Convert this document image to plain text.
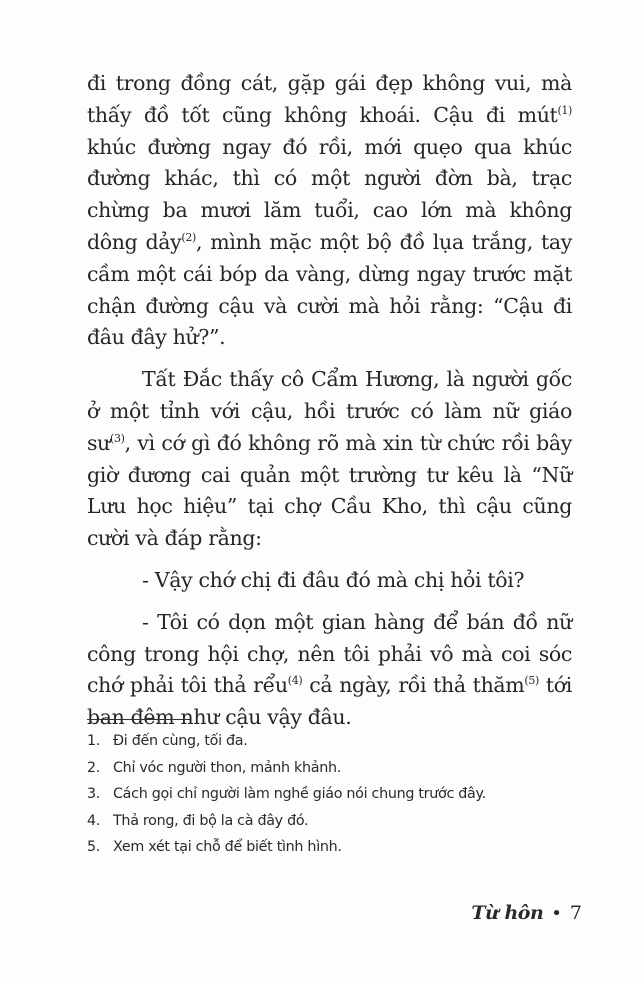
đi trong đồng cát, gặp gái đẹp không vui, mà thấy đồ tốt cũng không khoái. Cậu đi mút$^{(1)}$ khúc đường ngay đó rồi, mới quẹo qua khúc đường khác, thì có một người đờn bà, trạc chừng ba mươi lăm tuổi, cao lớn mà không dông dảy$^{(2)}$, mình mặc một bộ đồ lụa trắng, tay cầm một cái bóp da vàng, dừng ngay trước mặt chận đường cậu và cười mà hỏi rằng: “Cậu đi đâu đây hử?”.

Tất Đắc thấy cô Cẩm Hương, là người gốc ở một tỉnh với cậu, hồi trước có làm nữ giáo $sư^{(3)}$, vì cớ gì đó không rõ mà xin từ chức rồi bây giờ đương cai quản một trường tư kêu là “Nữ Lưu học hiệu” tại chợ Cầu Kho, thì cậu cũng cười và đáp rằng:

- Vậy chớ chị đi đâu đó mà chị hỏi tôi?

- Tôi có dọn một gian hàng để bán đồ nữ công trong hội chợ, nên tôi phải vô mà coi sóc chớ phải tôi thả rểu$^{(4)}$ cả ngày, rồi thả thăm$^{(5)}$ tới ban đêm như cậu vậy đâu.

1. Đi đến cùng, tối đa.
2. Chỉ vóc người thon, mảnh khảnh.
3. Cách gọi chỉ người làm nghề giáo nói chung trước đây.
4. Thả rong, đi bộ la cà đây đó.
5. Xem xét tại chỗ để biết tình hình.
Từ hôn • 7
